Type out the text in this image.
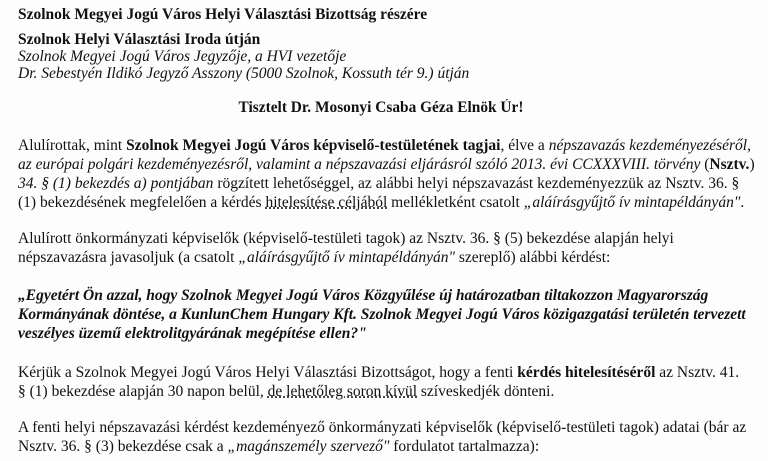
Szolnok Megyei Jogú Város Helyi Választási Bizottság részére
Szolnok Helyi Választási Iroda útján
Szolnok Megyei Jogú Város Jegyzője, a HVI vezetője
Dr. Sebestyén Ildikó Jegyző Asszony (5000 Szolnok, Kossuth tér 9.) útján
Tisztelt Dr. Mosonyi Csaba Géza Elnök Úr!
Alulírottak, mint Szolnok Megyei Jogú Város képviselő-testületének tagjai, élve a népszavazás kezdeményezéséről,
az európai polgári kezdeményezésről, valamint a népszavazási eljárásról szóló 2013. évi CCXXXVIII. törvény (Nsztv.)
34. § (1) bekezdés a) pontjában rögzített lehetőséggel, az alábbi helyi népszavazást kezdeményezzük az Nsztv. 36. §
(1) bekezdésének megfelelően a kérdés hitelesítése céljából mellékletként csatolt „aláírásgyűjtő ív mintapéldányán".
Alulírott önkormányzati képviselők (képviselő-testületi tagok) az Nsztv. 36. § (5) bekezdése alapján helyi
népszavazásra javasoljuk (a csatolt „aláírásgyűjtő ív mintapéldányán" szereplő) alábbi kérdést:
„Egyetért Ön azzal, hogy Szolnok Megyei Jogú Város Közgyűlése új határozatban tiltakozzon Magyarország
Kormányának döntése, a KunlunChem Hungary Kft. Szolnok Megyei Jogú Város közigazgatási területén tervezett
veszélyes üzemű elektrolitgyárának megépítése ellen?"
Kérjük a Szolnok Megyei Jogú Város Helyi Választási Bizottságot, hogy a fenti kérdés hitelesítéséről az Nsztv. 41.
§ (1) bekezdése alapján 30 napon belül, de lehetőleg soron kívül szíveskedjék dönteni.
A fenti helyi népszavazási kérdést kezdeményező önkormányzati képviselők (képviselő-testületi tagok) adatai (bár az
Nsztv. 36. § (3) bekezdése csak a „magánszemély szervező" fordulatot tartalmazza):
